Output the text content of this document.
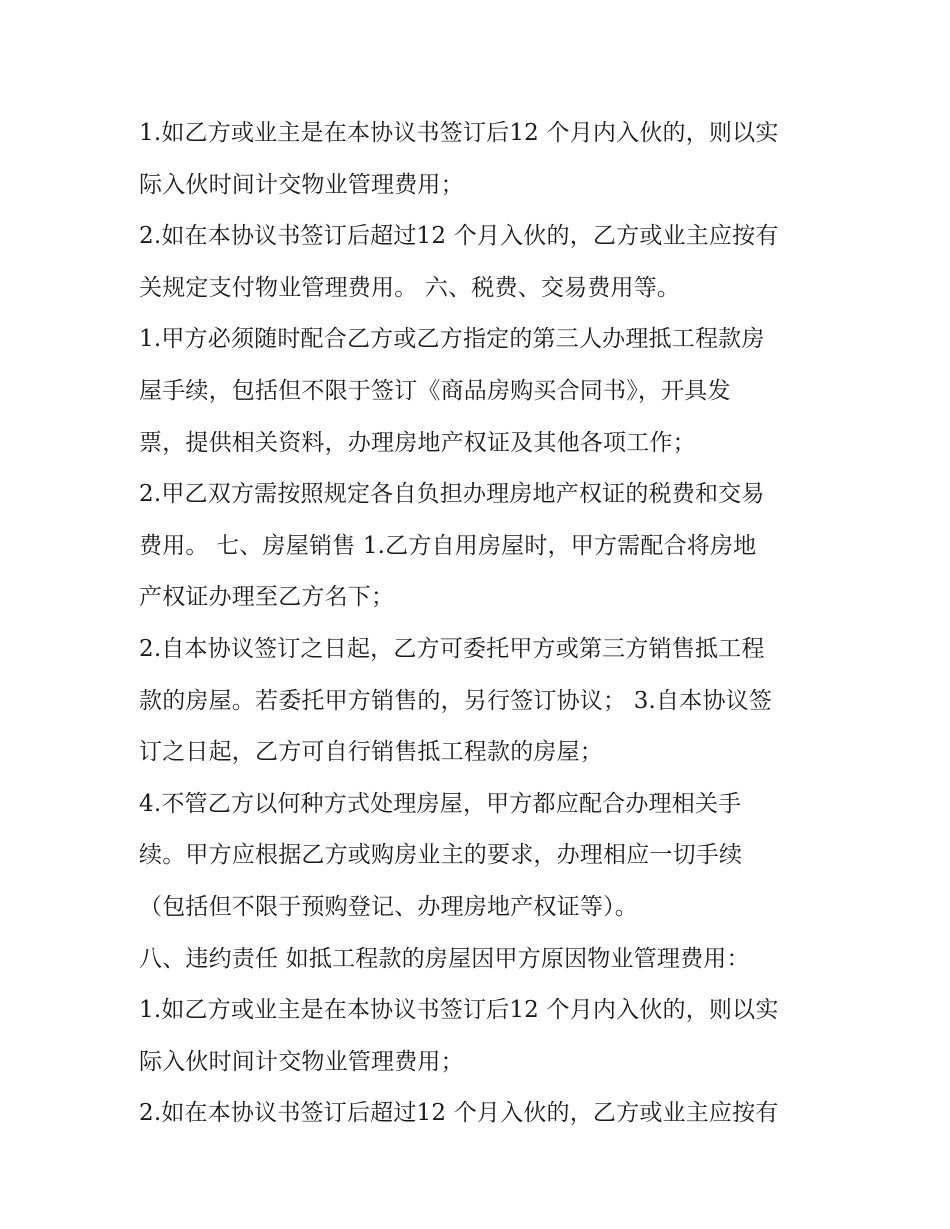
1.如乙方或业主是在本协议书签订后12 个月内入伙的，则以实
际入伙时间计交物业管理费用；
2.如在本协议书签订后超过12 个月入伙的，乙方或业主应按有
关规定支付物业管理费用。 六、税费、交易费用等。
1.甲方必须随时配合乙方或乙方指定的第三人办理抵工程款房
屋手续，包括但不限于签订《商品房购买合同书》，开具发
票，提供相关资料，办理房地产权证及其他各项工作；
2.甲乙双方需按照规定各自负担办理房地产权证的税费和交易
费用。 七、房屋销售 1.乙方自用房屋时，甲方需配合将房地
产权证办理至乙方名下；
2.自本协议签订之日起，乙方可委托甲方或第三方销售抵工程
款的房屋。若委托甲方销售的，另行签订协议； 3.自本协议签
订之日起，乙方可自行销售抵工程款的房屋；
4.不管乙方以何种方式处理房屋，甲方都应配合办理相关手
续。甲方应根据乙方或购房业主的要求，办理相应一切手续
（包括但不限于预购登记、办理房地产权证等）。
八、违约责任 如抵工程款的房屋因甲方原因物业管理费用：
1.如乙方或业主是在本协议书签订后12 个月内入伙的，则以实
际入伙时间计交物业管理费用；
2.如在本协议书签订后超过12 个月入伙的，乙方或业主应按有
